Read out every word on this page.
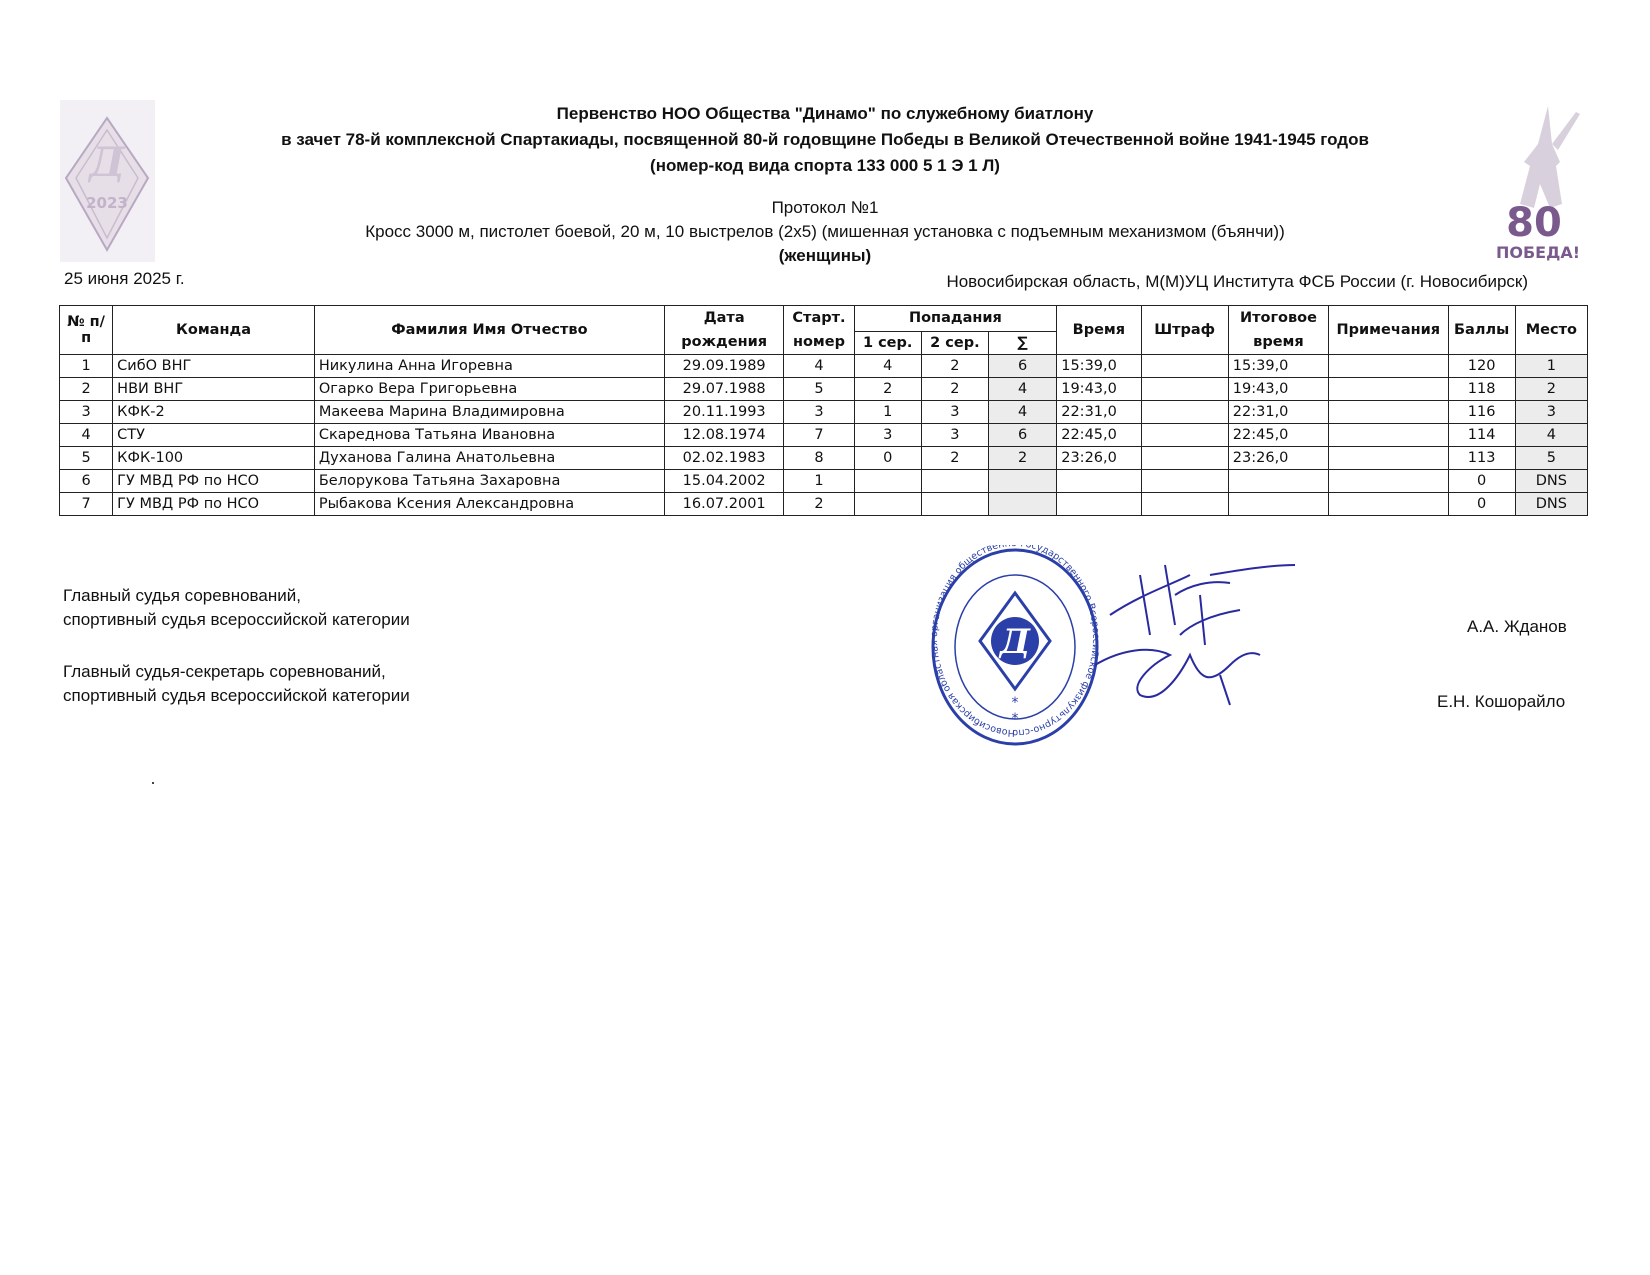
Первенство НОО Общества "Динамо" по служебному биатлону
в зачет 78-й комплексной Спартакиады, посвященной 80-й годовщине Победы в Великой Отечественной войне 1941-1945 годов
(номер-код вида спорта 133 000 5 1 Э 1 Л)
Протокол №1
Кросс 3000 м, пистолет боевой, 20 м, 10 выстрелов (2х5) (мишенная установка с подъемным механизмом (бъянчи))
(женщины)
25 июня 2025 г.	Новосибирская область, М(М)УЦ Института ФСБ России (г. Новосибирск)
Д
2023	80
ПОБЕДА!
№ п/п	Команда	Фамилия Имя Отчество	Дата рождения	Старт. номер	Попадания			Время	Штраф	Итоговое время	Примечания	Баллы	Место
					1 сер.	2 сер.	∑						
1	СибО ВНГ	Никулина Анна Игоревна	29.09.1989	4	4	2	6	15:39,0		15:39,0		120	1
2	НВИ ВНГ	Огарко Вера Григорьевна	29.07.1988	5	2	2	4	19:43,0		19:43,0		118	2
3	КФК-2	Макеева Марина Владимировна	20.11.1993	3	1	3	4	22:31,0		22:31,0		116	3
4	СТУ	Скареднова Татьяна Ивановна	12.08.1974	7	3	3	6	22:45,0		22:45,0		114	4
5	КФК-100	Духанова Галина Анатольевна	02.02.1983	8	0	2	2	23:26,0		23:26,0		113	5
6	ГУ МВД РФ по НСО	Белорукова Татьяна Захаровна	15.04.2002	1								0	DNS
7	ГУ МВД РФ по НСО	Рыбакова Ксения Александровна	16.07.2001	2								0	DNS
Главный судья соревнований,
спортивный судья всероссийской категории
Главный судья-секретарь соревнований,
спортивный судья всероссийской категории
А.А. Жданов
Е.Н. Кошорайло
Новосибирская областная организация обществе сударственного Всероссийское физкультурно-спо
Д
*
*
